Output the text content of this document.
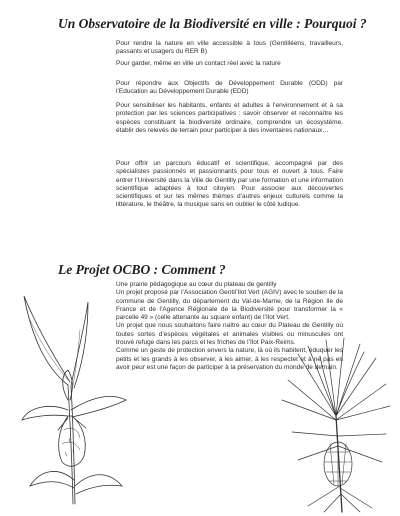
Un Observatoire de la Biodiversité en ville : Pourquoi ?

Pour rendre la nature en ville accessible à tous (Gentilléens, travailleurs, passants et usagers du RER B)

Pour garder, même en ville un contact réel avec la nature

Pour répondre aux Objectifs de Développement Durable (ODD) par l’Education au Développement Durable (EDD)

Pour sensibiliser les habitants, enfants et adultes à l’environnement et à sa protection par les sciences participatives : savoir observer et reconnaître les espèces constituant la biodiversité ordinaire, comprendre un écosystème, établir des relevés de terrain pour participer à des inventaires nationaux…

Pour offrir un parcours éducatif et scientifique, accompagné par des spécialistes passionnés et passionnants pour tous et ouvert à tous. Faire entrer l’Université dans la Ville de Gentilly par une formation et une information scientifique adaptées à tout citoyen. Pour associer aux découvertes scientifiques et sur les mêmes thèmes d’autres enjeux culturels comme la littérature, le théâtre, la musique sans en oublier le côté ludique.

Le Projet OCBO : Comment ?

Une prairie pédagogique au cœur du plateau de gentilly
Un projet proposé par l’Association Gentil’Ilot Vert (AGIV) avec le soutien de la commune de Gentilly, du département du Val-de-Marne, de la Région Ile de France et de l’Agence Régionale de la Biodiversité pour transformer la « parcelle 49 » (celle attenante au square enfant) de l’Ilot Vert.
Un projet que nous souhaitons faire naître au cœur du Plateau de Gentilly où toutes sortes d’espèces végétales et animales visibles ou minuscules ont trouvé refuge dans les parcs et les friches de l’îlot Paix-Reims.
Comme un geste de protection envers la nature, là où ils habitent, éduquer les petits et les grands à les observer, à les aimer, à les respecter et à ne pas en avoir peur est une façon de participer à la préservation du monde de demain.
